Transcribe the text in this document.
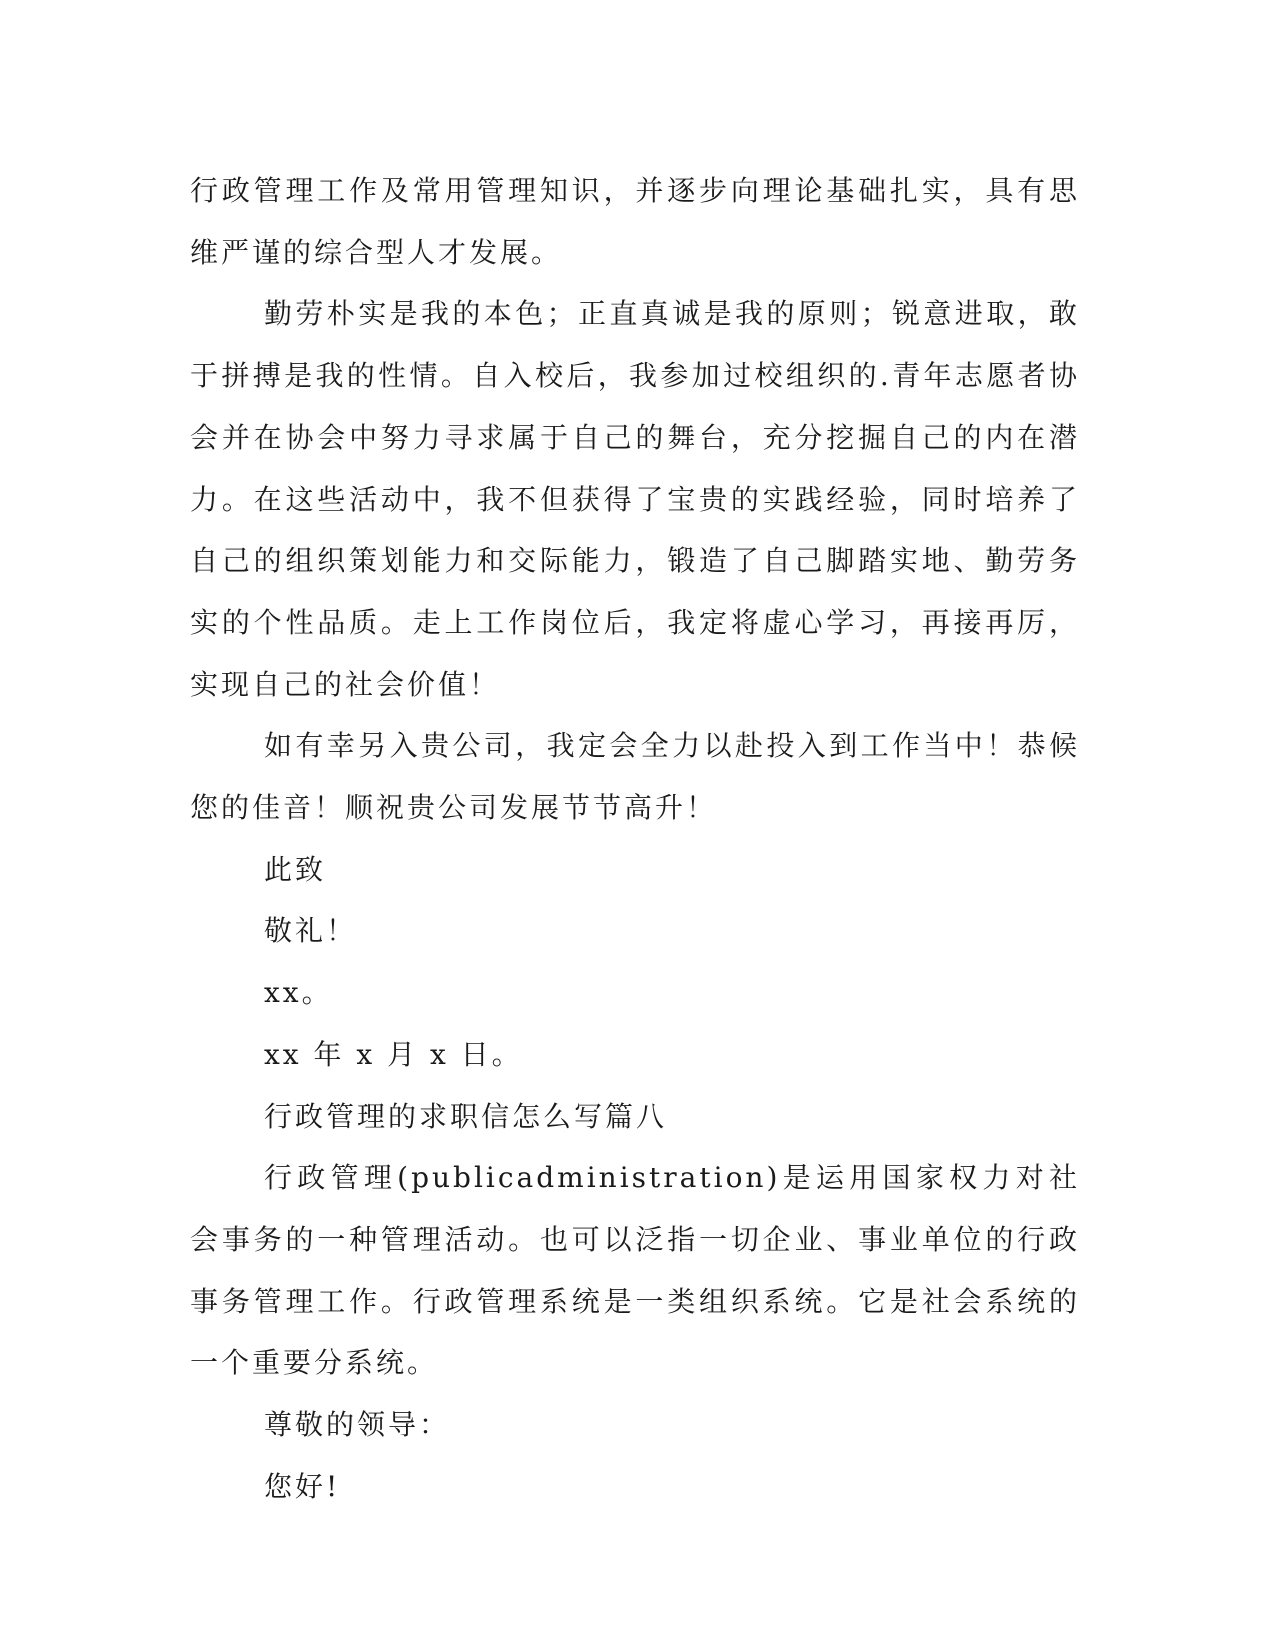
行政管理工作及常用管理知识，并逐步向理论基础扎实，具有思维严谨的综合型人才发展。

勤劳朴实是我的本色；正直真诚是我的原则；锐意进取，敢于拼搏是我的性情。自入校后，我参加过校组织的.青年志愿者协会并在协会中努力寻求属于自己的舞台，充分挖掘自己的内在潜力。在这些活动中，我不但获得了宝贵的实践经验，同时培养了自己的组织策划能力和交际能力，锻造了自己脚踏实地、勤劳务实的个性品质。走上工作岗位后，我定将虚心学习，再接再厉，实现自己的社会价值！

如有幸另入贵公司，我定会全力以赴投入到工作当中！恭候您的佳音！顺祝贵公司发展节节高升！

此致

敬礼！

xx。

xx 年 x 月 x 日。

行政管理的求职信怎么写篇八

行政管理(publicadministration)是运用国家权力对社会事务的一种管理活动。也可以泛指一切企业、事业单位的行政事务管理工作。行政管理系统是一类组织系统。它是社会系统的一个重要分系统。

尊敬的领导：

您好!
